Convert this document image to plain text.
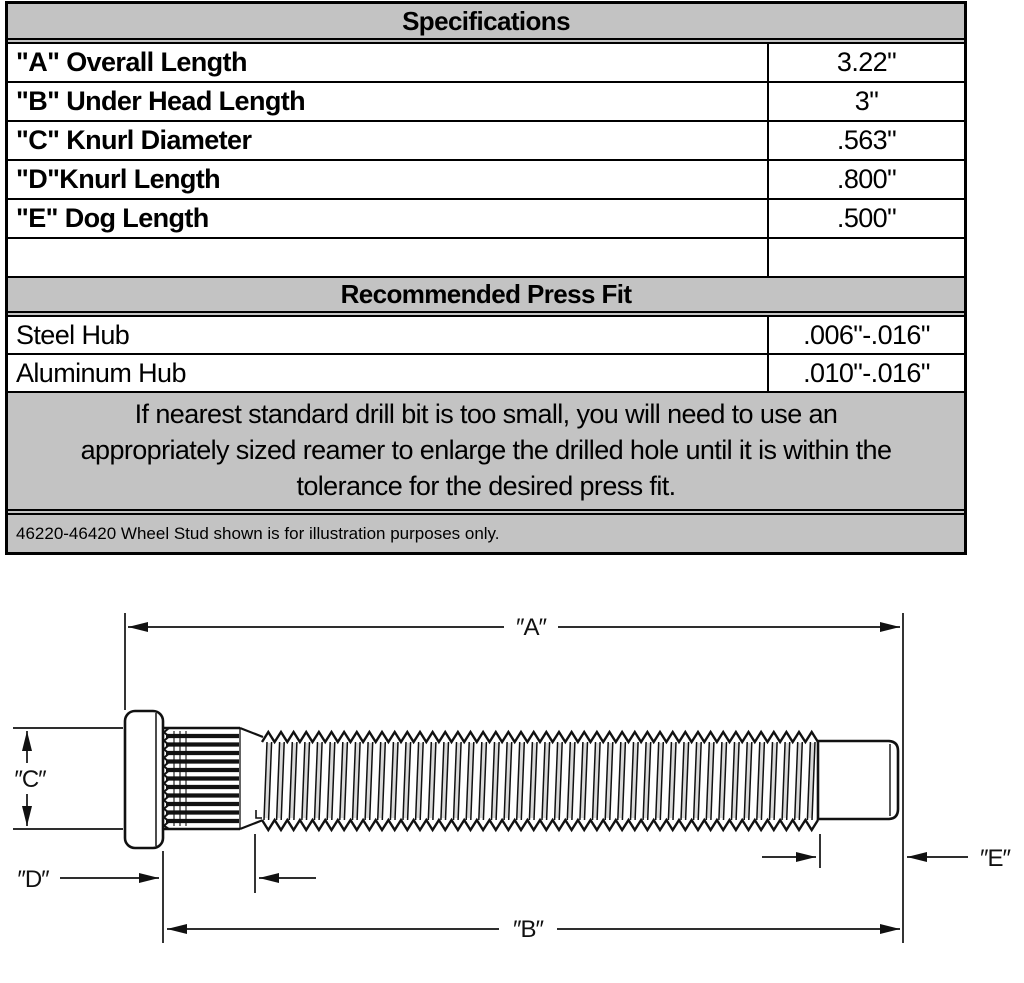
Specifications
"A" Overall Length	3.22"
"B" Under Head Length	3"
"C" Knurl Diameter	.563"
"D"Knurl Length	.800"
"E" Dog Length	.500"
Recommended Press Fit
Steel Hub	.006"-.016"
Aluminum Hub	.010"-.016"
If nearest standard drill bit is too small, you will need to use an
appropriately sized reamer to enlarge the drilled hole until it is within the
tolerance for the desired press fit.
46220-46420 Wheel Stud shown is for illustration purposes only.
″A″
″B″
″C″
″D″
″E″
